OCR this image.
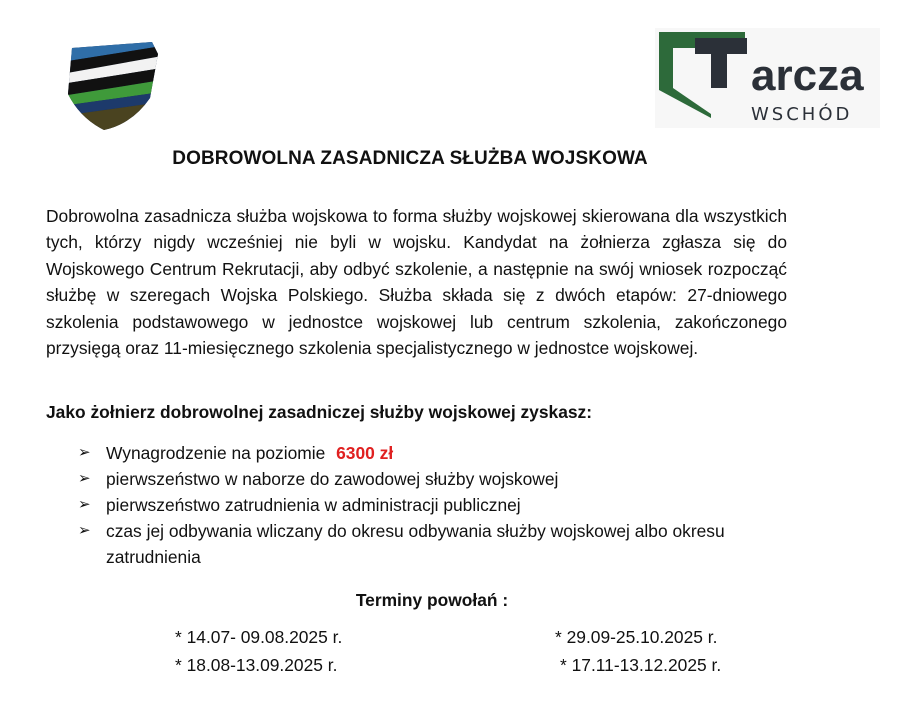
arcza
WSCHÓD
DOBROWOLNA ZASADNICZA SŁUŻBA WOJSKOWA
Dobrowolna zasadnicza służba wojskowa to forma służby wojskowej skierowana dla wszystkich tych, którzy nigdy wcześniej nie byli w wojsku. Kandydat na żołnierza zgłasza się do Wojskowego Centrum Rekrutacji, aby odbyć szkolenie, a następnie na swój wniosek rozpocząć służbę w szeregach Wojska Polskiego. Służba składa się z dwóch etapów: 27-dniowego szkolenia podstawowego w jednostce wojskowej lub centrum szkolenia, zakończonego przysięgą oraz 11-miesięcznego szkolenia specjalistycznego w jednostce wojskowej.
Jako żołnierz dobrowolnej zasadniczej służby wojskowej zyskasz:
➢ Wynagrodzenie na poziomie 6300 zł
➢ pierwszeństwo w naborze do zawodowej służby wojskowej
➢ pierwszeństwo zatrudnienia w administracji publicznej
➢ czas jej odbywania wliczany do okresu odbywania służby wojskowej albo okresu zatrudnienia
Terminy powołań :
* 14.07- 09.08.2025 r.
* 18.08-13.09.2025 r.
* 29.09-25.10.2025 r.
* 17.11-13.12.2025 r.
